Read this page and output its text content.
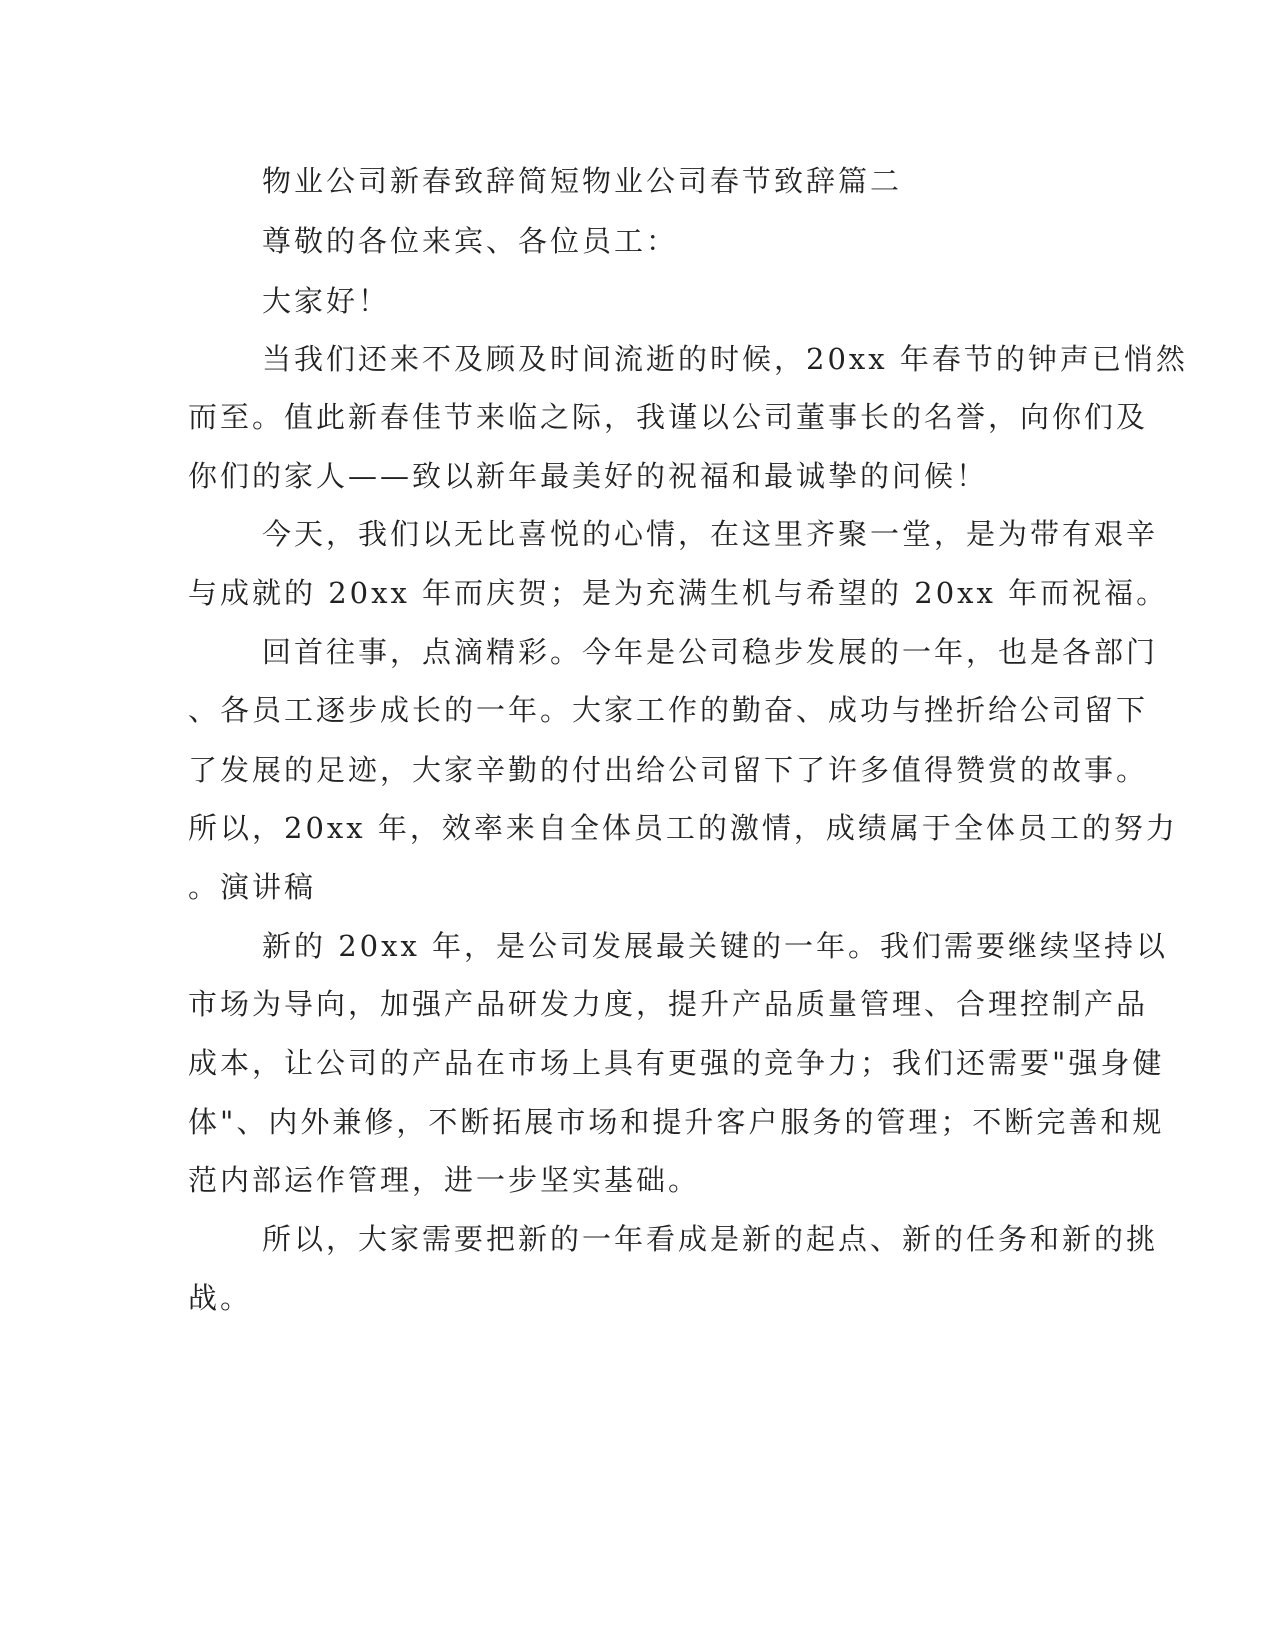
物业公司新春致辞简短物业公司春节致辞篇二
尊敬的各位来宾、各位员工：
大家好！
当我们还来不及顾及时间流逝的时候，20xx 年春节的钟声已悄然
而至。值此新春佳节来临之际，我谨以公司董事长的名誉，向你们及
你们的家人——致以新年最美好的祝福和最诚挚的问候！
今天，我们以无比喜悦的心情，在这里齐聚一堂，是为带有艰辛
与成就的 20xx 年而庆贺；是为充满生机与希望的 20xx 年而祝福。
回首往事，点滴精彩。今年是公司稳步发展的一年，也是各部门
、各员工逐步成长的一年。大家工作的勤奋、成功与挫折给公司留下
了发展的足迹，大家辛勤的付出给公司留下了许多值得赞赏的故事。
所以，20xx 年，效率来自全体员工的激情，成绩属于全体员工的努力
。演讲稿
新的 20xx 年，是公司发展最关键的一年。我们需要继续坚持以
市场为导向，加强产品研发力度，提升产品质量管理、合理控制产品
成本，让公司的产品在市场上具有更强的竞争力；我们还需要"强身健
体"、内外兼修，不断拓展市场和提升客户服务的管理；不断完善和规
范内部运作管理，进一步坚实基础。
所以，大家需要把新的一年看成是新的起点、新的任务和新的挑
战。
